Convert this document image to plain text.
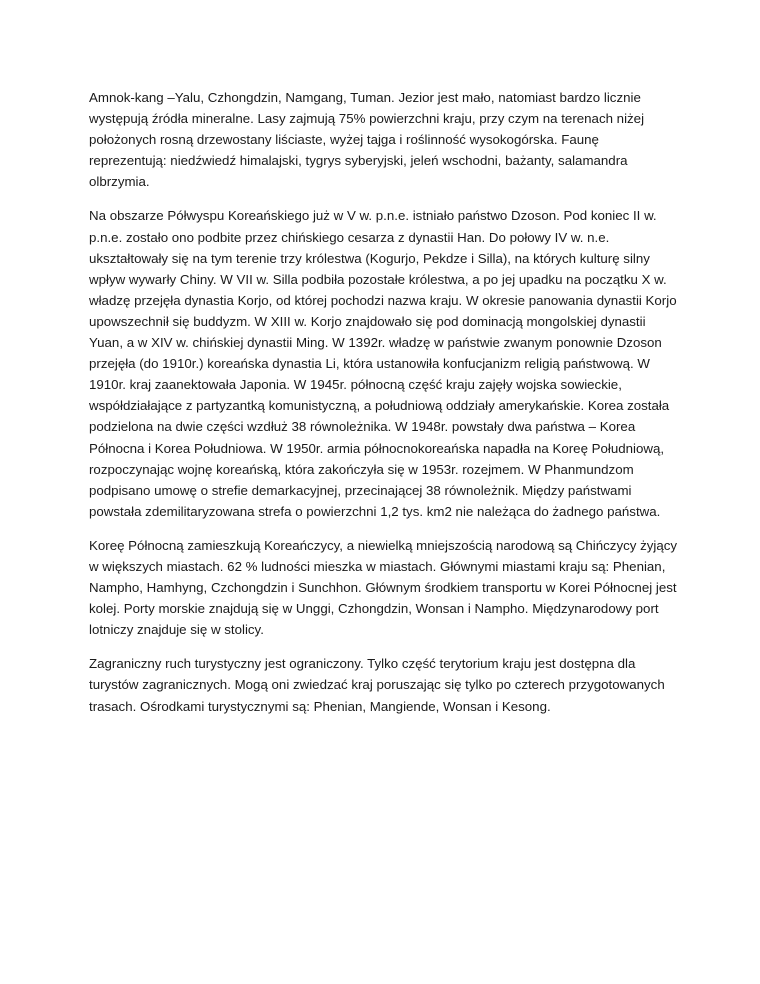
Amnok-kang –Yalu, Czhongdzin, Namgang, Tuman. Jezior jest mało, natomiast bardzo licznie występują źródła mineralne. Lasy zajmują 75% powierzchni kraju, przy czym na terenach niżej położonych rosną drzewostany liściaste, wyżej tajga i roślinność wysokogórska. Faunę reprezentują: niedźwiedź himalajski, tygrys syberyjski, jeleń wschodni, bażanty, salamandra olbrzymia.

Na obszarze Półwyspu Koreańskiego już w V w. p.n.e. istniało państwo Dzoson. Pod koniec II w. p.n.e. zostało ono podbite przez chińskiego cesarza z dynastii Han. Do połowy IV w. n.e. ukształtowały się na tym terenie trzy królestwa (Kogurjo, Pekdze i Silla), na których kulturę silny wpływ wywarły Chiny. W VII w. Silla podbiła pozostałe królestwa, a po jej upadku na początku X w. władzę przejęła dynastia Korjo, od której pochodzi nazwa kraju. W okresie panowania dynastii Korjo upowszechnił się buddyzm. W XIII w. Korjo znajdowało się pod dominacją mongolskiej dynastii Yuan, a w XIV w. chińskiej dynastii Ming. W 1392r. władzę w państwie zwanym ponownie Dzoson przejęła (do 1910r.) koreańska dynastia Li, która ustanowiła konfucjanizm religią państwową. W 1910r. kraj zaanektowała Japonia. W 1945r. północną część kraju zajęły wojska sowieckie, współdziałające z partyzantką komunistyczną, a południową oddziały amerykańskie. Korea została podzielona na dwie części wzdłuż 38 równoleżnika. W 1948r. powstały dwa państwa – Korea Północna i Korea Południowa. W 1950r. armia północnokoreańska napadła na Koreę Południową, rozpoczynając wojnę koreańską, która zakończyła się w 1953r. rozejmem. W Phanmundzom podpisano umowę o strefie demarkacyjnej, przecinającej 38 równoleżnik. Między państwami powstała zdemilitaryzowana strefa o powierzchni 1,2 tys. km2 nie należąca do żadnego państwa.

Koreę Północną zamieszkują Koreańczycy, a niewielką mniejszością narodową są Chińczycy żyjący w większych miastach. 62 % ludności mieszka w miastach. Głównymi miastami kraju są: Phenian, Nampho, Hamhyng, Czchongdzin i Sunchhon. Głównym środkiem transportu w Korei Północnej jest kolej. Porty morskie znajdują się w Unggi, Czhongdzin, Wonsan i Nampho. Międzynarodowy port lotniczy znajduje się w stolicy.

Zagraniczny ruch turystyczny jest ograniczony. Tylko część terytorium kraju jest dostępna dla turystów zagranicznych. Mogą oni zwiedzać kraj poruszając się tylko po czterech przygotowanych trasach. Ośrodkami turystycznymi są: Phenian, Mangiende, Wonsan i Kesong.
